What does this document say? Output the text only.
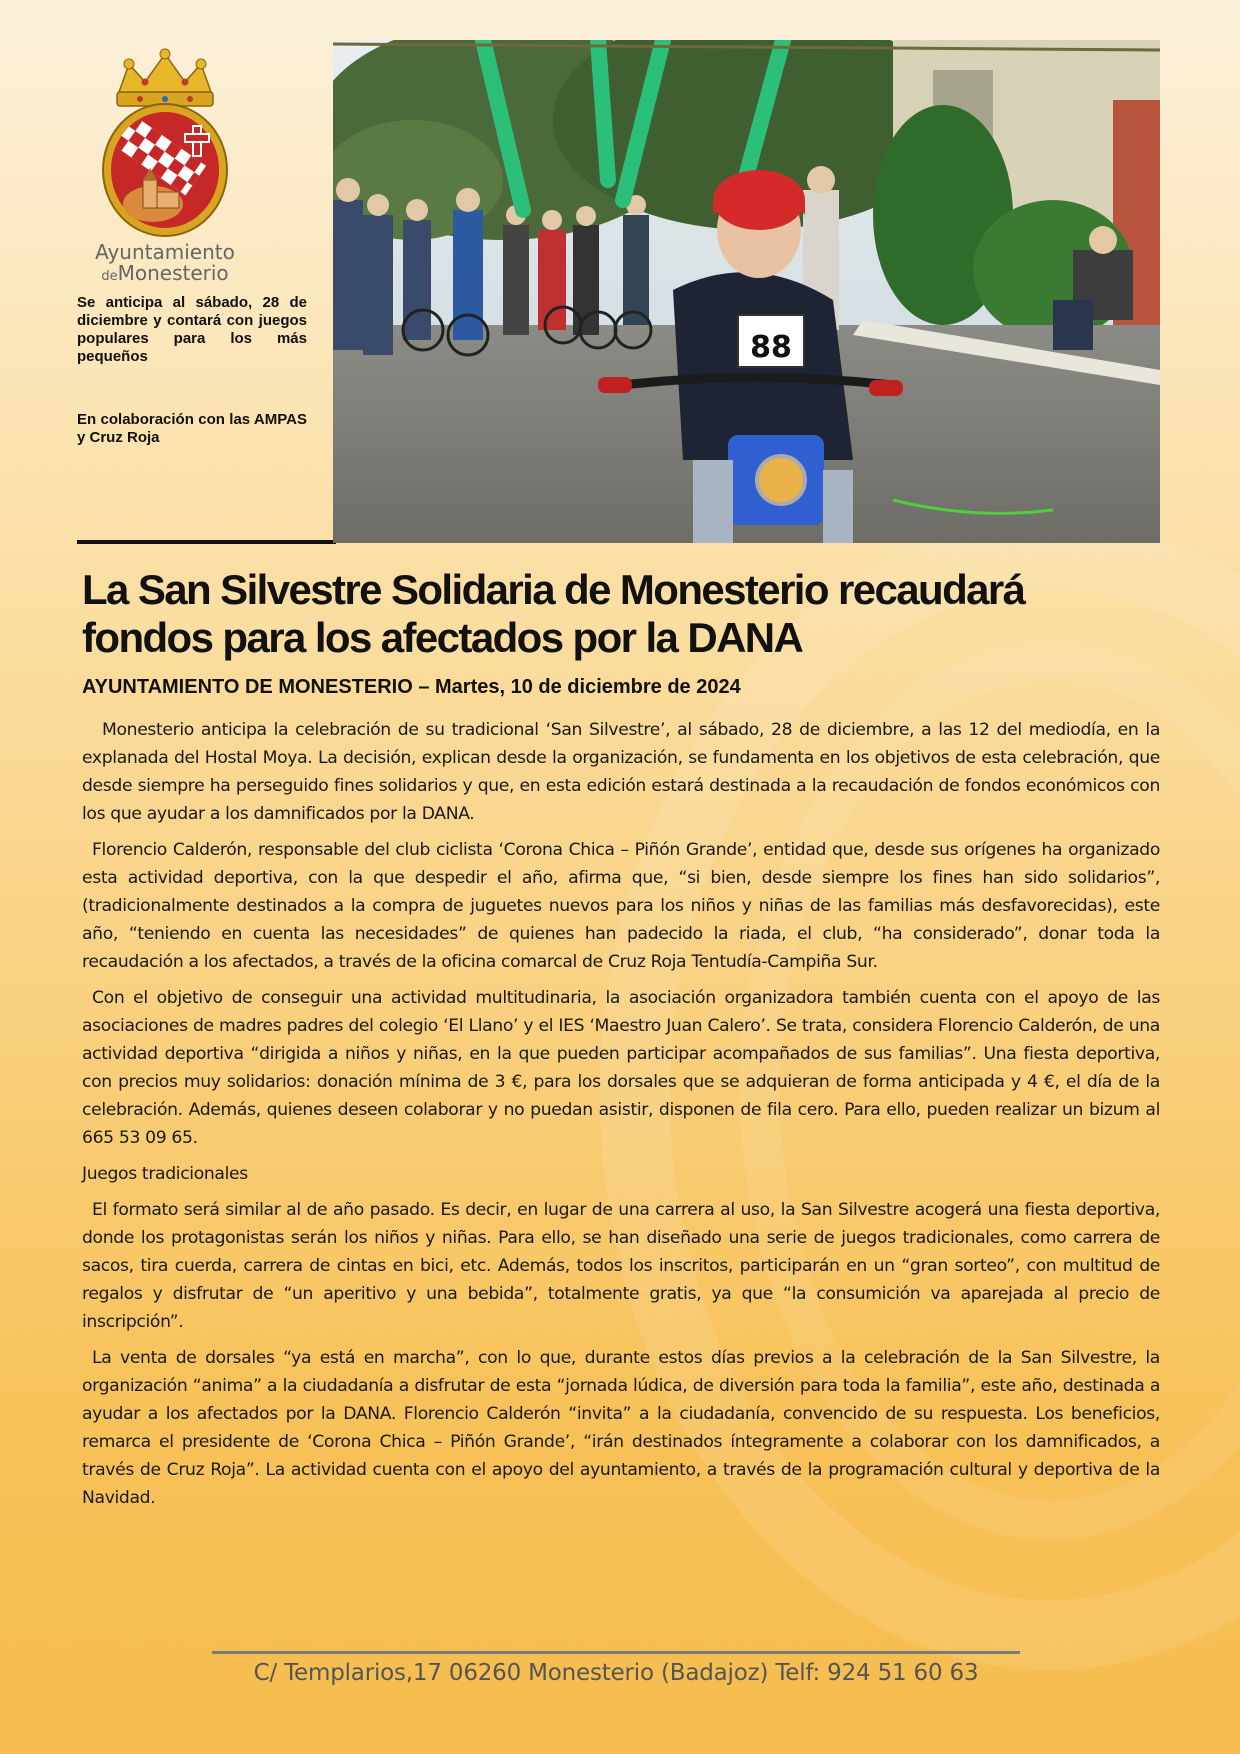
Ayuntamiento
deMonesterio

Se anticipa al sábado, 28 de diciembre y contará con juegos populares para los más pequeños

En colaboración con las AMPAS y Cruz Roja

88
La San Silvestre Solidaria de Monesterio recaudará fondos para los afectados por la DANA

AYUNTAMIENTO DE MONESTERIO – Martes, 10 de diciembre de 2024

Monesterio anticipa la celebración de su tradicional ‘San Silvestre’, al sábado, 28 de diciembre, a las 12 del mediodía, en la explanada del Hostal Moya. La decisión, explican desde la organización, se fundamenta en los objetivos de esta celebración, que desde siempre ha perseguido fines solidarios y que, en esta edición estará destinada a la recaudación de fondos económicos con los que ayudar a los damnificados por la DANA.

Florencio Calderón, responsable del club ciclista ‘Corona Chica – Piñón Grande’, entidad que, desde sus orígenes ha organizado esta actividad deportiva, con la que despedir el año, afirma que, “si bien, desde siempre los fines han sido solidarios”, (tradicionalmente destinados a la compra de juguetes nuevos para los niños y niñas de las familias más desfavorecidas), este año, “teniendo en cuenta las necesidades” de quienes han padecido la riada, el club, “ha considerado”, donar toda la recaudación a los afectados, a través de la oficina comarcal de Cruz Roja Tentudía-Campiña Sur.

Con el objetivo de conseguir una actividad multitudinaria, la asociación organizadora también cuenta con el apoyo de las asociaciones de madres padres del colegio ‘El Llano’ y el IES ‘Maestro Juan Calero’. Se trata, considera Florencio Calderón, de una actividad deportiva “dirigida a niños y niñas, en la que pueden participar acompañados de sus familias”. Una fiesta deportiva, con precios muy solidarios: donación mínima de 3 €, para los dorsales que se adquieran de forma anticipada y 4 €, el día de la celebración. Además, quienes deseen colaborar y no puedan asistir, disponen de fila cero. Para ello, pueden realizar un bizum al 665 53 09 65.

Juegos tradicionales

El formato será similar al de año pasado. Es decir, en lugar de una carrera al uso, la San Silvestre acogerá una fiesta deportiva, donde los protagonistas serán los niños y niñas. Para ello, se han diseñado una serie de juegos tradicionales, como carrera de sacos, tira cuerda, carrera de cintas en bici, etc. Además, todos los inscritos, participarán en un “gran sorteo”, con multitud de regalos y disfrutar de “un aperitivo y una bebida”, totalmente gratis, ya que “la consumición va aparejada al precio de inscripción”.

La venta de dorsales “ya está en marcha”, con lo que, durante estos días previos a la celebración de la San Silvestre, la organización “anima” a la ciudadanía a disfrutar de esta “jornada lúdica, de diversión para toda la familia”, este año, destinada a ayudar a los afectados por la DANA. Florencio Calderón “invita” a la ciudadanía, convencido de su respuesta. Los beneficios, remarca el presidente de ‘Corona Chica – Piñón Grande’, “irán destinados íntegramente a colaborar con los damnificados, a través de Cruz Roja”. La actividad cuenta con el apoyo del ayuntamiento, a través de la programación cultural y deportiva de la Navidad.

C/ Templarios,17 06260 Monesterio (Badajoz) Telf: 924 51 60 63
